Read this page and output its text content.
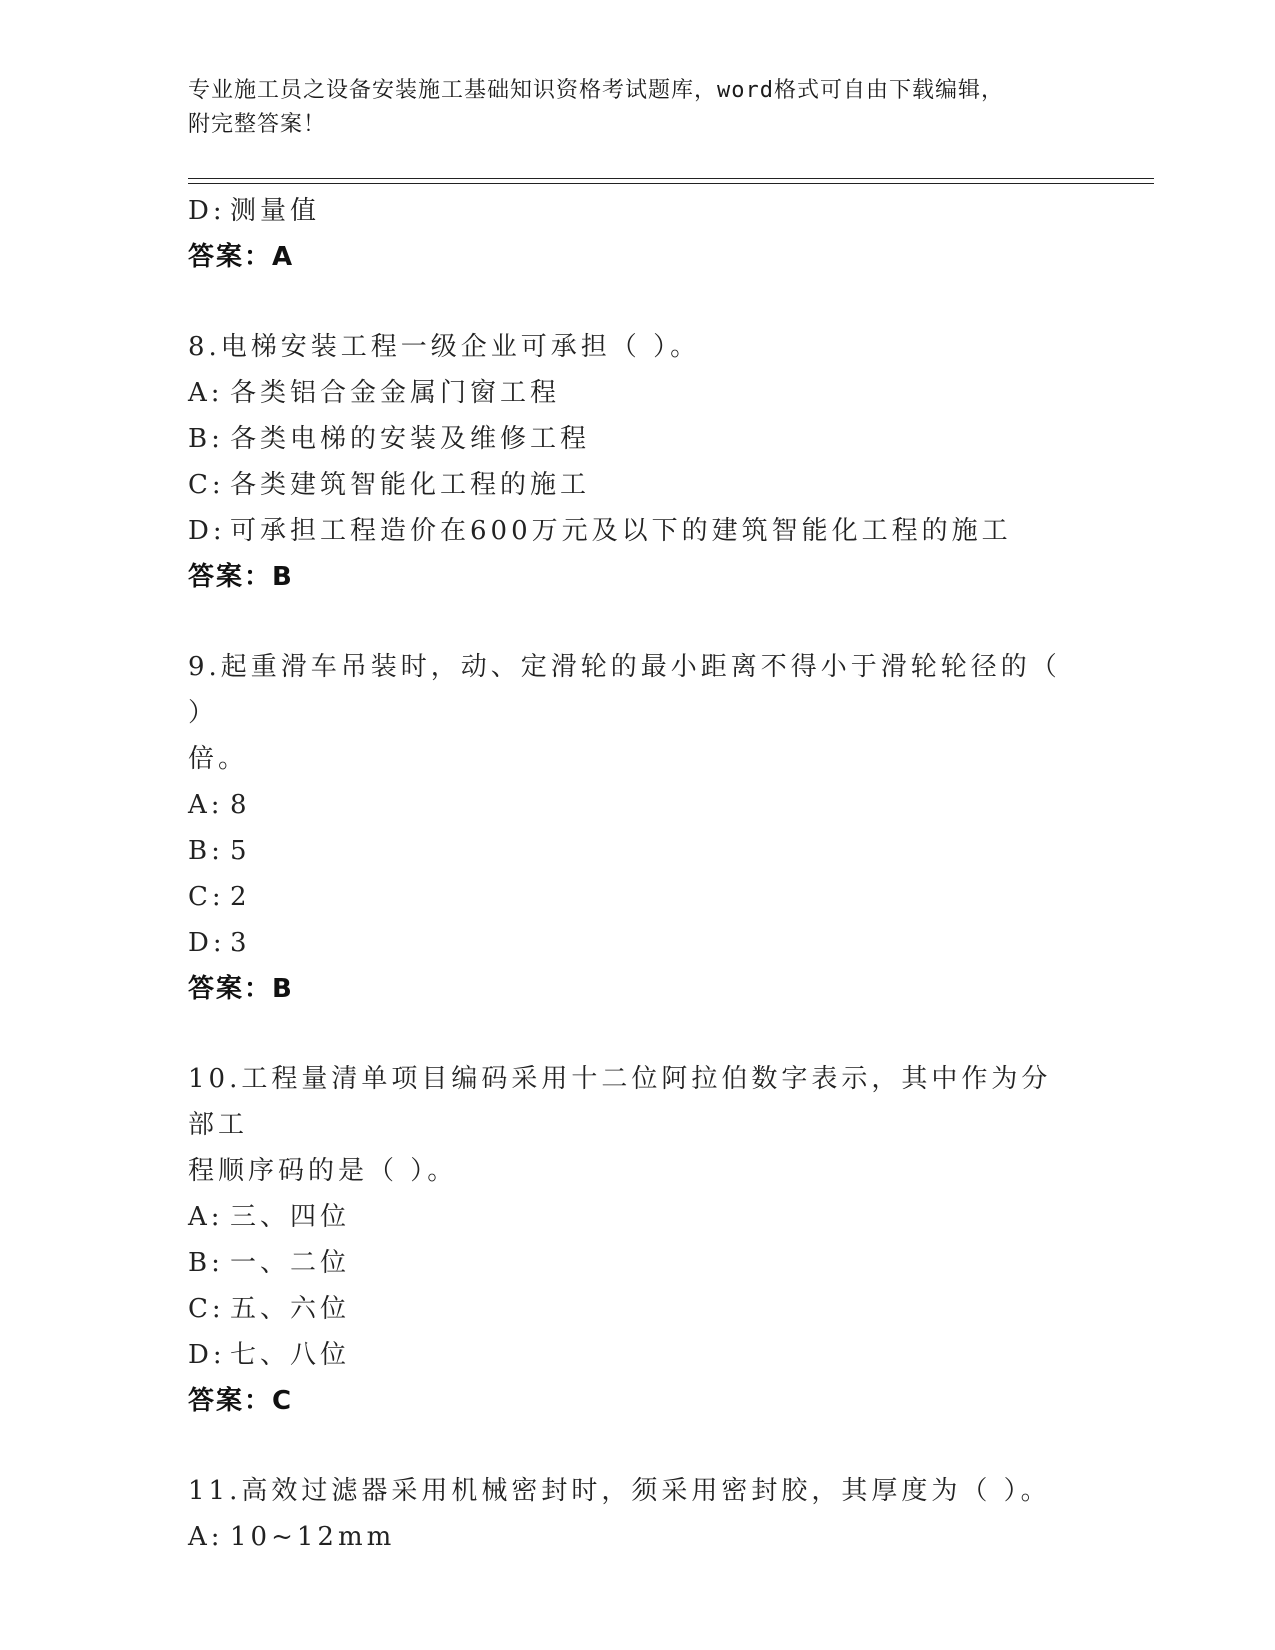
专业施工员之设备安装施工基础知识资格考试题库，word格式可自由下载编辑，
附完整答案！
D: 测量值
答案：A
8.电梯安装工程一级企业可承担（ ）。
A: 各类铝合金金属门窗工程
B: 各类电梯的安装及维修工程
C: 各类建筑智能化工程的施工
D: 可承担工程造价在600万元及以下的建筑智能化工程的施工
答案：B
9.起重滑车吊装时，动、定滑轮的最小距离不得小于滑轮轮径的（ ）
倍。
A: 8
B: 5
C: 2
D: 3
答案：B
10.工程量清单项目编码采用十二位阿拉伯数字表示，其中作为分部工
程顺序码的是（ ）。
A: 三、四位
B: 一、二位
C: 五、六位
D: 七、八位
答案：C
11.高效过滤器采用机械密封时，须采用密封胶，其厚度为（ ）。
A: 10~12mm
